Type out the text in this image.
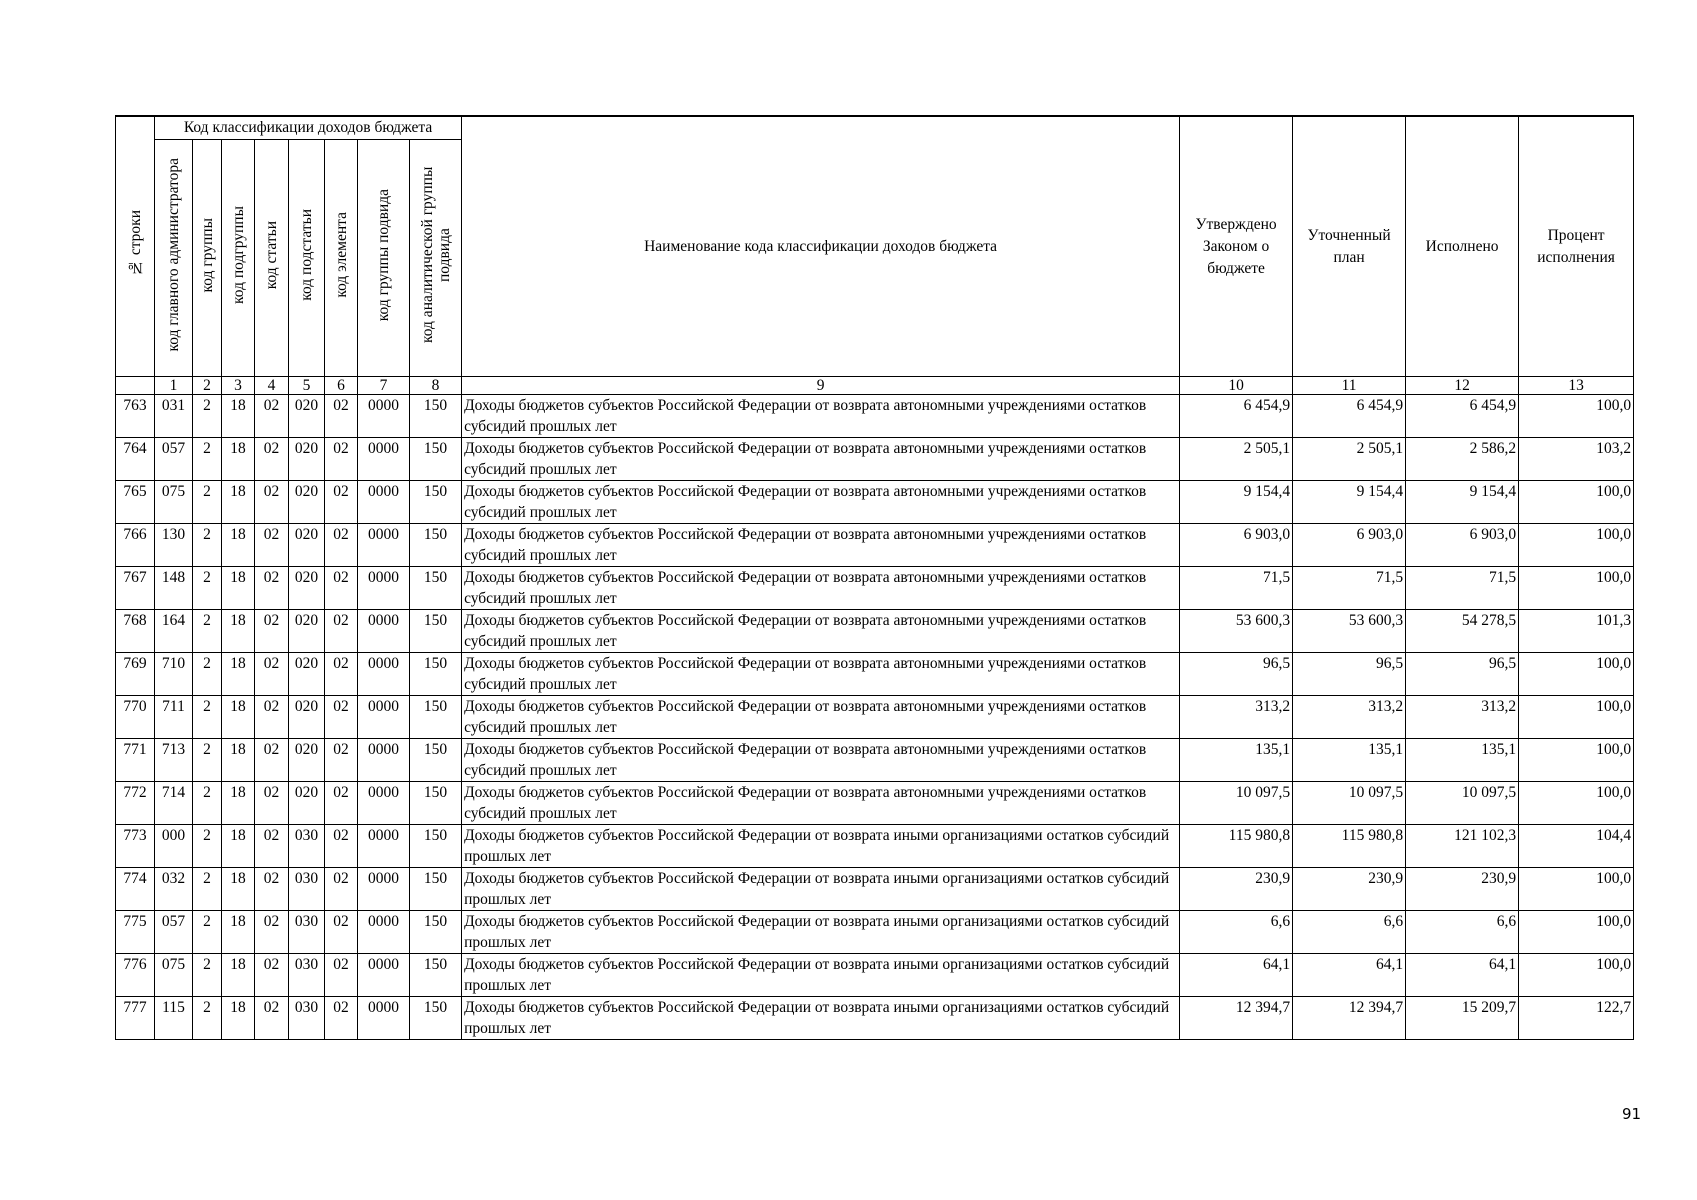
№ строки	Код классификации доходов бюджета								Наименование кода классификации доходов бюджета	Утверждено Законом о бюджете	Уточненный план	Исполнено	Процент исполнения
	код главного администратора	код группы	код подгруппы	код статьи	код подстатьи	код элемента	код группы подвида	код аналитической группы подвида					
	1	2	3	4	5	6	7	8	9	10	11	12	13
763	031	2	18	02	020	02	0000	150	Доходы бюджетов субъектов Российской Федерации от возврата автономными учреждениями остатков субсидий прошлых лет	6 454,9	6 454,9	6 454,9	100,0
764	057	2	18	02	020	02	0000	150	Доходы бюджетов субъектов Российской Федерации от возврата автономными учреждениями остатков субсидий прошлых лет	2 505,1	2 505,1	2 586,2	103,2
765	075	2	18	02	020	02	0000	150	Доходы бюджетов субъектов Российской Федерации от возврата автономными учреждениями остатков субсидий прошлых лет	9 154,4	9 154,4	9 154,4	100,0
766	130	2	18	02	020	02	0000	150	Доходы бюджетов субъектов Российской Федерации от возврата автономными учреждениями остатков субсидий прошлых лет	6 903,0	6 903,0	6 903,0	100,0
767	148	2	18	02	020	02	0000	150	Доходы бюджетов субъектов Российской Федерации от возврата автономными учреждениями остатков субсидий прошлых лет	71,5	71,5	71,5	100,0
768	164	2	18	02	020	02	0000	150	Доходы бюджетов субъектов Российской Федерации от возврата автономными учреждениями остатков субсидий прошлых лет	53 600,3	53 600,3	54 278,5	101,3
769	710	2	18	02	020	02	0000	150	Доходы бюджетов субъектов Российской Федерации от возврата автономными учреждениями остатков субсидий прошлых лет	96,5	96,5	96,5	100,0
770	711	2	18	02	020	02	0000	150	Доходы бюджетов субъектов Российской Федерации от возврата автономными учреждениями остатков субсидий прошлых лет	313,2	313,2	313,2	100,0
771	713	2	18	02	020	02	0000	150	Доходы бюджетов субъектов Российской Федерации от возврата автономными учреждениями остатков субсидий прошлых лет	135,1	135,1	135,1	100,0
772	714	2	18	02	020	02	0000	150	Доходы бюджетов субъектов Российской Федерации от возврата автономными учреждениями остатков субсидий прошлых лет	10 097,5	10 097,5	10 097,5	100,0
773	000	2	18	02	030	02	0000	150	Доходы бюджетов субъектов Российской Федерации от возврата иными организациями остатков субсидий прошлых лет	115 980,8	115 980,8	121 102,3	104,4
774	032	2	18	02	030	02	0000	150	Доходы бюджетов субъектов Российской Федерации от возврата иными организациями остатков субсидий прошлых лет	230,9	230,9	230,9	100,0
775	057	2	18	02	030	02	0000	150	Доходы бюджетов субъектов Российской Федерации от возврата иными организациями остатков субсидий прошлых лет	6,6	6,6	6,6	100,0
776	075	2	18	02	030	02	0000	150	Доходы бюджетов субъектов Российской Федерации от возврата иными организациями остатков субсидий прошлых лет	64,1	64,1	64,1	100,0
777	115	2	18	02	030	02	0000	150	Доходы бюджетов субъектов Российской Федерации от возврата иными организациями остатков субсидий прошлых лет	12 394,7	12 394,7	15 209,7	122,7
91
